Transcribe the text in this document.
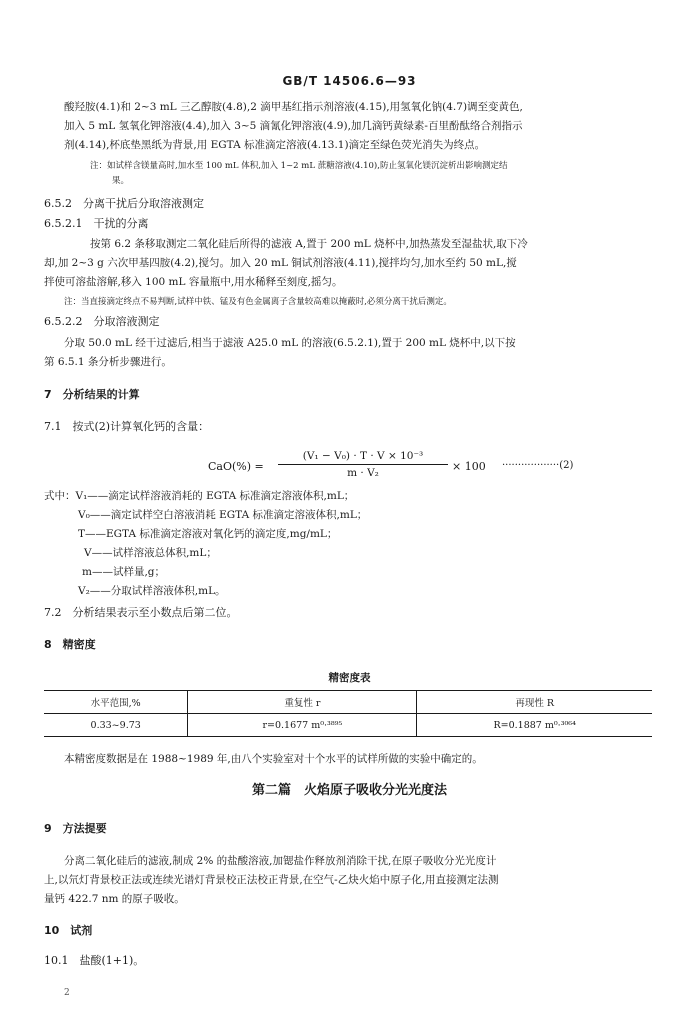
GB/T 14506.6—93
酸羟胺(4.1)和 2~3 mL 三乙醇胺(4.8),2 滴甲基红指示剂溶液(4.15),用氢氧化钠(4.7)调至变黄色,
加入 5 mL 氢氧化钾溶液(4.4),加入 3~5 滴氰化钾溶液(4.9),加几滴钙黄绿素-百里酚酞络合剂指示
剂(4.14),杯底垫黑纸为背景,用 EGTA 标准滴定溶液(4.13.1)滴定至绿色荧光消失为终点。
注：如试样含镁量高时,加水至 100 mL 体积,加入 1~2 mL 蔗糖溶液(4.10),防止氢氧化镁沉淀析出影响测定结
果。
6.5.2　分离干扰后分取溶液测定
6.5.2.1　干扰的分离
按第 6.2 条移取测定二氧化硅后所得的滤液 A,置于 200 mL 烧杯中,加热蒸发至湿盐状,取下冷
却,加 2~3 g 六次甲基四胺(4.2),搅匀。加入 20 mL 铜试剂溶液(4.11),搅拌均匀,加水至约 50 mL,搅
拌使可溶盐溶解,移入 100 mL 容量瓶中,用水稀释至刻度,摇匀。
注：当直接滴定终点不易判断,试样中铁、锰及有色金属离子含量较高难以掩蔽时,必须分离干扰后测定。
6.5.2.2　分取溶液测定
分取 50.0 mL 经干过滤后,相当于滤液 A25.0 mL 的溶液(6.5.2.1),置于 200 mL 烧杯中,以下按
第 6.5.1 条分析步骤进行。
7　分析结果的计算
7.1　按式(2)计算氧化钙的含量：
$CaO(\%) = \frac{\text{(V₁ − V₀) · T · V × 10⁻³}}{\text{m · V₂}} \times 100 \cdot\cdot\cdot\cdot\cdot\cdot\cdot\cdot\cdot\cdot\cdot\cdot\cdot\cdot\cdot\cdot\cdot\cdot(2)$
式中：V₁——滴定试样溶液消耗的 EGTA 标准滴定溶液体积,mL；
V₀——滴定试样空白溶液消耗 EGTA 标准滴定溶液体积,mL；
T——EGTA 标准滴定溶液对氧化钙的滴定度,mg/mL；
V——试样溶液总体积,mL；
m——试样量,g；
V₂——分取试样溶液体积,mL。
7.2　分析结果表示至小数点后第二位。
8　精密度
精密度表
水平范围,%	重复性 r	再现性 R
0.33~9.73	r=0.1677 m⁰·³⁸⁹⁵	R=0.1887 m⁰·³⁰⁶⁴
本精密度数据是在 1988~1989 年,由八个实验室对十个水平的试样所做的实验中确定的。
第二篇　火焰原子吸收分光光度法
9　方法提要
分离二氧化硅后的滤液,制成 2% 的盐酸溶液,加锶盐作释放剂消除干扰,在原子吸收分光光度计
上,以氘灯背景校正法或连续光谱灯背景校正法校正背景,在空气-乙炔火焰中原子化,用直接测定法测
量钙 422.7 nm 的原子吸收。
10　试剂
10.1　盐酸(1+1)。
2
